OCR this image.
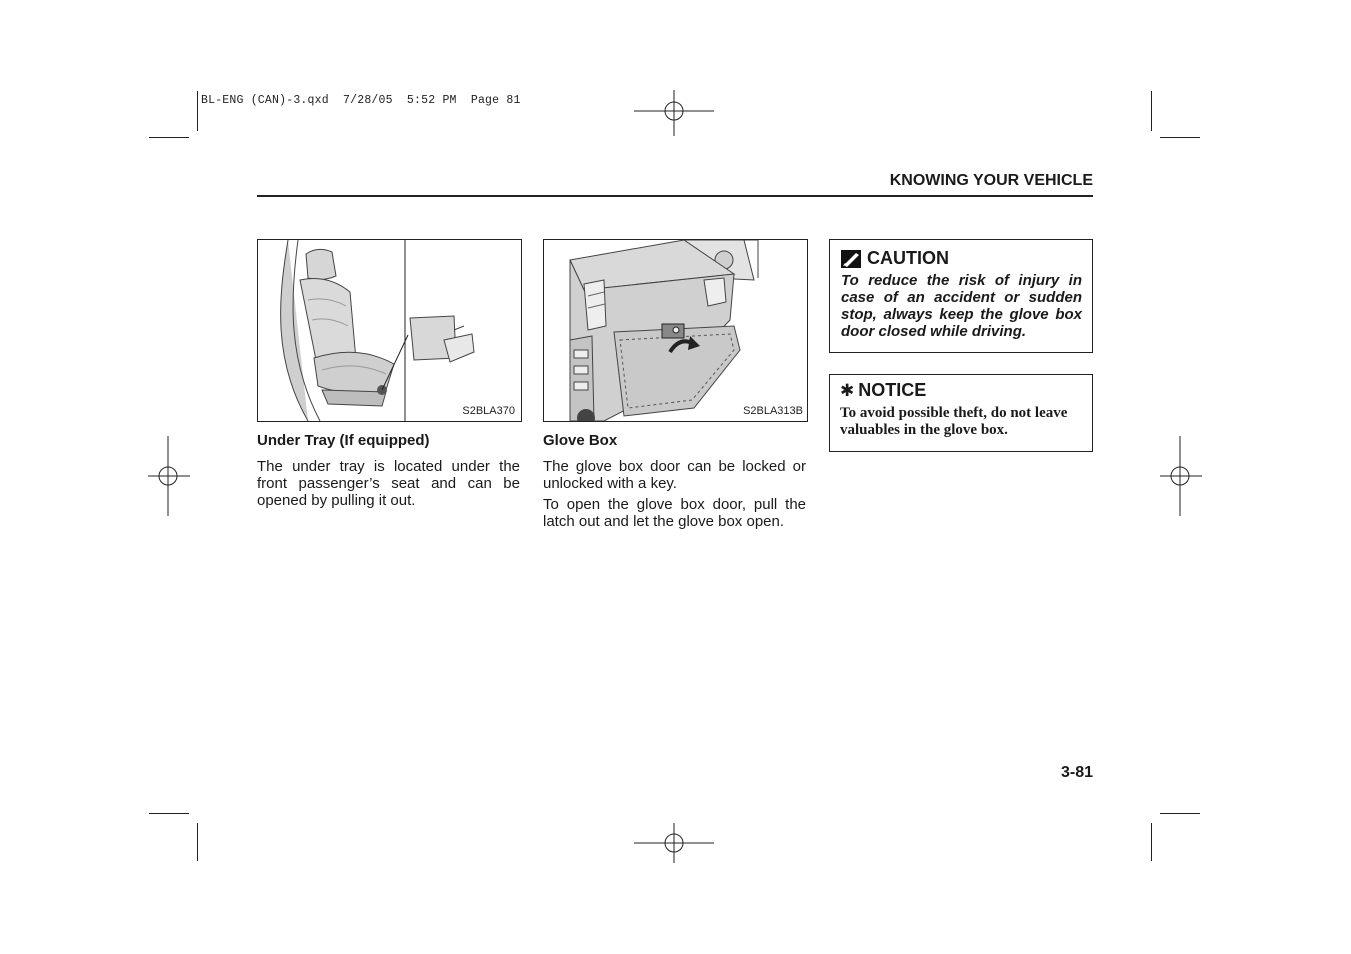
BL-ENG (CAN)-3.qxd  7/28/05  5:52 PM  Page 81
KNOWING YOUR VEHICLE
S2BLA370	S2BLA313B
Under Tray (If equipped)
The under tray is located under the front passenger’s seat and can be opened by pulling it out.
Glove Box
The glove box door can be locked or unlocked with a key.
To open the glove box door, pull the latch out and let the glove box open.
CAUTION
To reduce the risk of injury in case of an accident or sudden stop, always keep the glove box door closed while driving.
✱ NOTICE
To avoid possible theft, do not leave valuables in the glove box.
3-81
